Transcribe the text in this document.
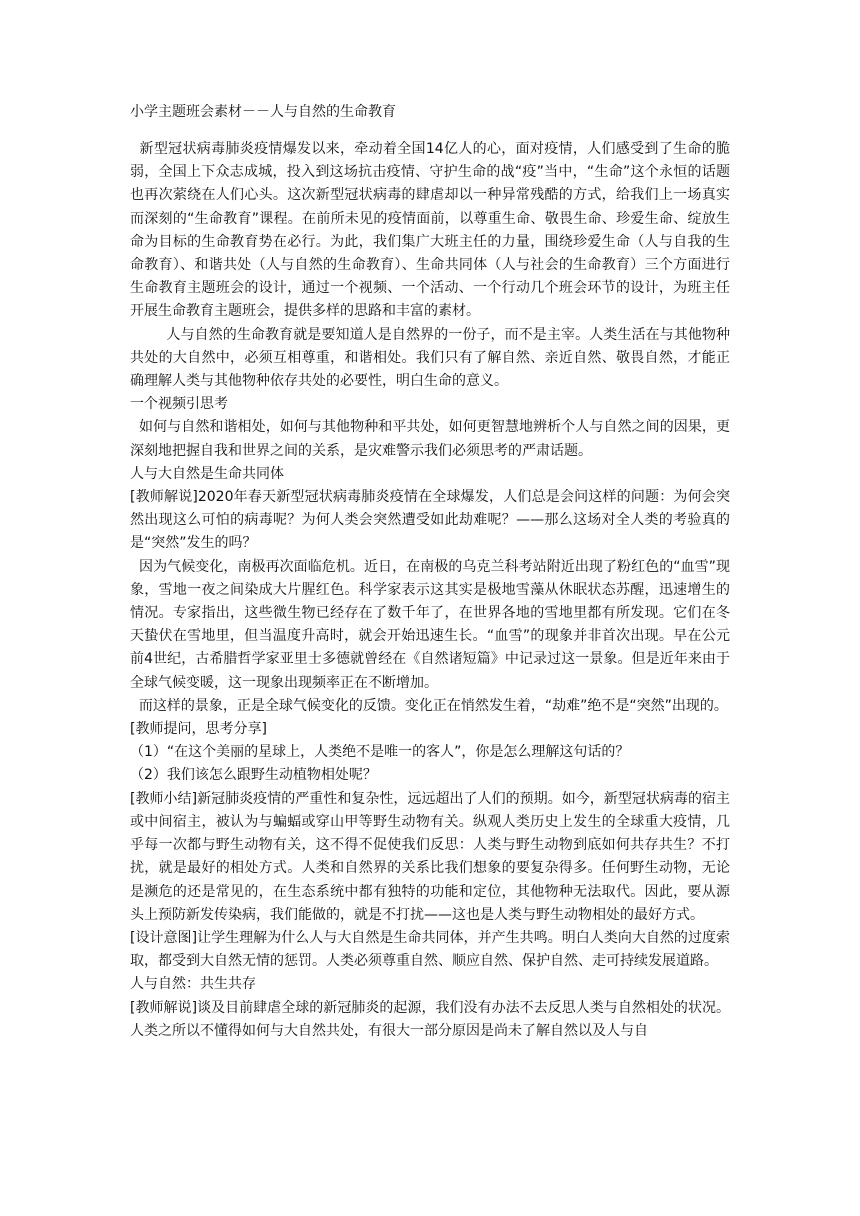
小学主题班会素材－－人与自然的生命教育

新型冠状病毒肺炎疫情爆发以来，牵动着全国14亿人的心，面对疫情，人们感受到了生命的脆弱，全国上下众志成城，投入到这场抗击疫情、守护生命的战“疫”当中，“生命”这个永恒的话题也再次萦绕在人们心头。这次新型冠状病毒的肆虐却以一种异常残酷的方式，给我们上一场真实而深刻的“生命教育”课程。在前所未见的疫情面前，以尊重生命、敬畏生命、珍爱生命、绽放生命为目标的生命教育势在必行。为此，我们集广大班主任的力量，围绕珍爱生命（人与自我的生命教育）、和谐共处（人与自然的生命教育）、生命共同体（人与社会的生命教育）三个方面进行生命教育主题班会的设计，通过一个视频、一个活动、一个行动几个班会环节的设计，为班主任开展生命教育主题班会，提供多样的思路和丰富的素材。

人与自然的生命教育就是要知道人是自然界的一份子，而不是主宰。人类生活在与其他物种共处的大自然中，必须互相尊重，和谐相处。我们只有了解自然、亲近自然、敬畏自然，才能正确理解人类与其他物种依存共处的必要性，明白生命的意义。

一个视频引思考

如何与自然和谐相处，如何与其他物种和平共处，如何更智慧地辨析个人与自然之间的因果，更深刻地把握自我和世界之间的关系，是灾难警示我们必须思考的严肃话题。

人与大自然是生命共同体

[教师解说]2020年春天新型冠状病毒肺炎疫情在全球爆发，人们总是会问这样的问题：为何会突然出现这么可怕的病毒呢？为何人类会突然遭受如此劫难呢？——那么这场对全人类的考验真的是“突然”发生的吗？

因为气候变化，南极再次面临危机。近日，在南极的乌克兰科考站附近出现了粉红色的“血雪”现象，雪地一夜之间染成大片腥红色。科学家表示这其实是极地雪藻从休眠状态苏醒，迅速增生的情况。专家指出，这些微生物已经存在了数千年了，在世界各地的雪地里都有所发现。它们在冬天蛰伏在雪地里，但当温度升高时，就会开始迅速生长。“血雪”的现象并非首次出现。早在公元前4世纪，古希腊哲学家亚里士多德就曾经在《自然诸短篇》中记录过这一景象。但是近年来由于全球气候变暖，这一现象出现频率正在不断增加。

而这样的景象，正是全球气候变化的反馈。变化正在悄然发生着，“劫难”绝不是“突然”出现的。

[教师提问，思考分享]

（1）“在这个美丽的星球上，人类绝不是唯一的客人”，你是怎么理解这句话的？

（2）我们该怎么跟野生动植物相处呢？

[教师小结]新冠肺炎疫情的严重性和复杂性，远远超出了人们的预期。如今，新型冠状病毒的宿主或中间宿主，被认为与蝙蝠或穿山甲等野生动物有关。纵观人类历史上发生的全球重大疫情，几乎每一次都与野生动物有关，这不得不促使我们反思：人类与野生动物到底如何共存共生？不打扰，就是最好的相处方式。人类和自然界的关系比我们想象的要复杂得多。任何野生动物，无论是濒危的还是常见的，在生态系统中都有独特的功能和定位，其他物种无法取代。因此，要从源头上预防新发传染病，我们能做的，就是不打扰——这也是人类与野生动物相处的最好方式。

[设计意图]让学生理解为什么人与大自然是生命共同体，并产生共鸣。明白人类向大自然的过度索取，都受到大自然无情的惩罚。人类必须尊重自然、顺应自然、保护自然、走可持续发展道路。

人与自然：共生共存

[教师解说]谈及目前肆虐全球的新冠肺炎的起源，我们没有办法不去反思人类与自然相处的状况。人类之所以不懂得如何与大自然共处，有很大一部分原因是尚未了解自然以及人与自
